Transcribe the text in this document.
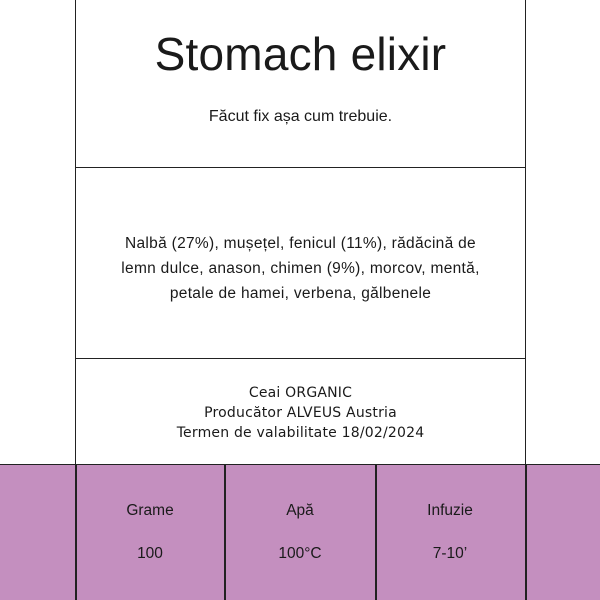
Stomach elixir
Făcut fix așa cum trebuie.
Nalbă (27%), mușețel, fenicul (11%), rădăcină de lemn dulce, anason, chimen (9%), morcov, mentă, petale de hamei, verbena, gălbenele
Ceai ORGANIC
Producător ALVEUS Austria
Termen de valabilitate 18/02/2024
Grame
100
Apă
100°C
Infuzie
7-10’
